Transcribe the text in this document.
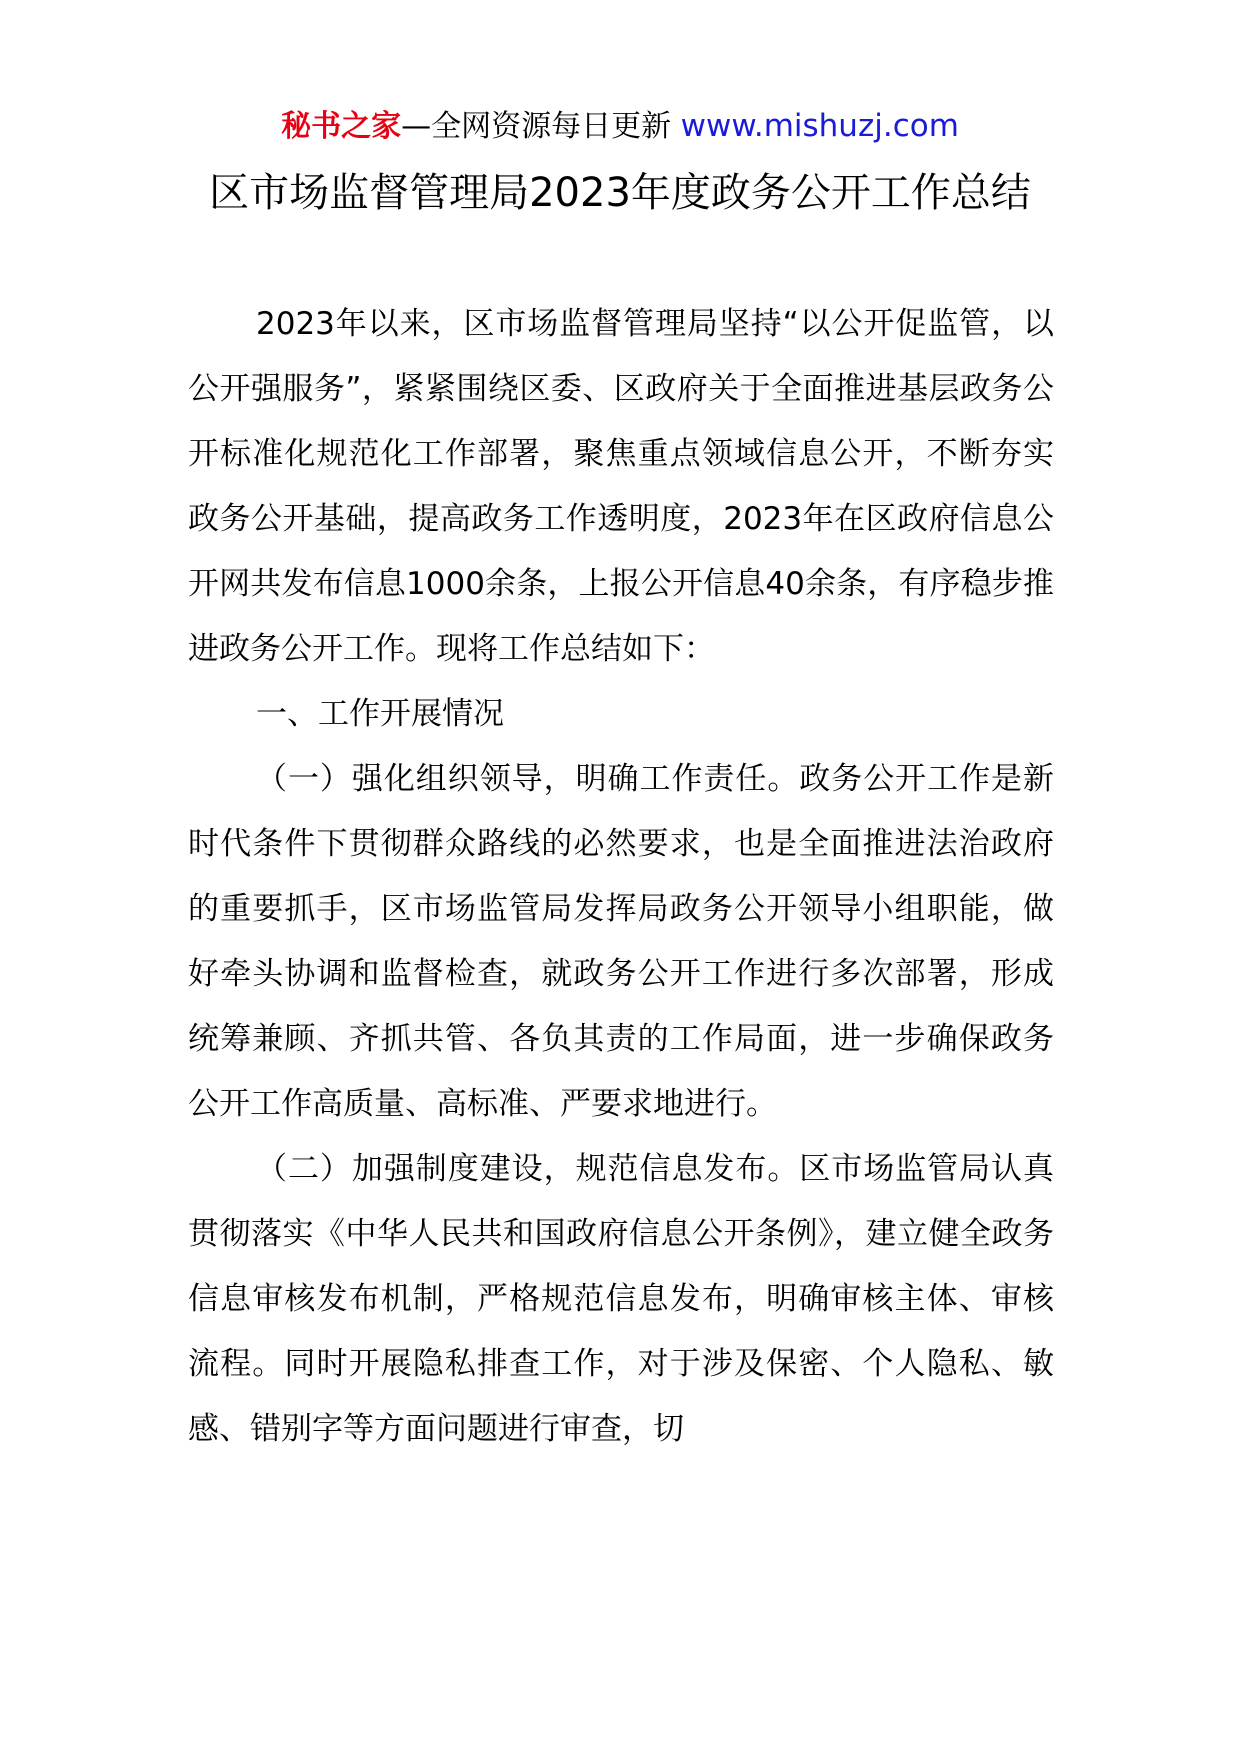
秘书之家—全网资源每日更新 www.mishuzj.com
区市场监督管理局2023年度政务公开工作总结

2023年以来，区市场监督管理局坚持“以公开促监管，以公开强服务”，紧紧围绕区委、区政府关于全面推进基层政务公开标准化规范化工作部署，聚焦重点领域信息公开，不断夯实政务公开基础，提高政务工作透明度，2023年在区政府信息公开网共发布信息1000余条，上报公开信息40余条，有序稳步推进政务公开工作。现将工作总结如下：

一、工作开展情况

（一）强化组织领导，明确工作责任。政务公开工作是新时代条件下贯彻群众路线的必然要求，也是全面推进法治政府的重要抓手，区市场监管局发挥局政务公开领导小组职能，做好牵头协调和监督检查，就政务公开工作进行多次部署，形成统筹兼顾、齐抓共管、各负其责的工作局面，进一步确保政务公开工作高质量、高标准、严要求地进行。

（二）加强制度建设，规范信息发布。区市场监管局认真贯彻落实《中华人民共和国政府信息公开条例》，建立健全政务信息审核发布机制，严格规范信息发布，明确审核主体、审核流程。同时开展隐私排查工作，对于涉及保密、个人隐私、敏感、错别字等方面问题进行审查，切
